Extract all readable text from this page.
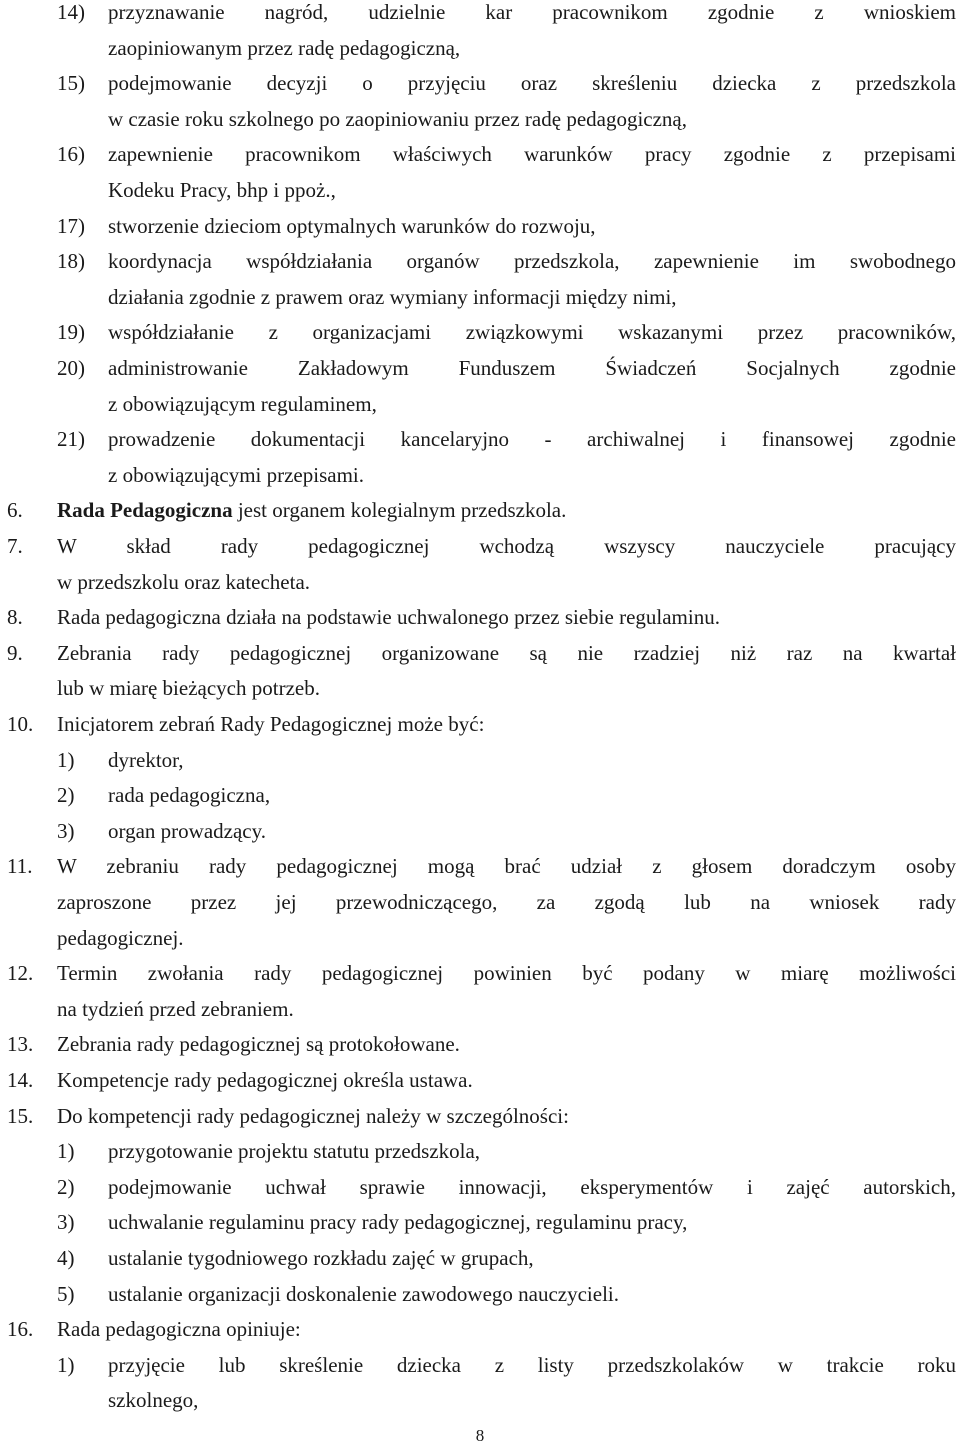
14) przyznawanie nagród, udzielnie kar pracownikom zgodnie z wnioskiem
zaopiniowanym przez radę pedagogiczną,
15) podejmowanie decyzji o przyjęciu oraz skreśleniu dziecka z przedszkola
w czasie roku szkolnego po zaopiniowaniu przez radę pedagogiczną,
16) zapewnienie pracownikom właściwych warunków pracy zgodnie z przepisami
Kodeku Pracy, bhp i ppoż.,
17) stworzenie dzieciom optymalnych warunków do rozwoju,
18) koordynacja współdziałania organów przedszkola, zapewnienie im swobodnego
działania zgodnie z prawem oraz wymiany informacji między nimi,
19) współdziałanie z organizacjami związkowymi wskazanymi przez pracowników,
20) administrowanie Zakładowym Funduszem Świadczeń Socjalnych zgodnie
z obowiązującym regulaminem,
21) prowadzenie dokumentacji kancelaryjno - archiwalnej i finansowej zgodnie
z obowiązującymi przepisami.
6. Rada Pedagogiczna jest organem kolegialnym przedszkola.
7. W skład rady pedagogicznej wchodzą wszyscy nauczyciele pracujący
w przedszkolu oraz katecheta.
8. Rada pedagogiczna działa na podstawie uchwalonego przez siebie regulaminu.
9. Zebrania rady pedagogicznej organizowane są nie rzadziej niż raz na kwartał
lub w miarę bieżących potrzeb.
10. Inicjatorem zebrań Rady Pedagogicznej może być:
1) dyrektor,
2) rada pedagogiczna,
3) organ prowadzący.
11. W zebraniu rady pedagogicznej mogą brać udział z głosem doradczym osoby
zaproszone przez jej przewodniczącego, za zgodą lub na wniosek rady
pedagogicznej.
12. Termin zwołania rady pedagogicznej powinien być podany w miarę możliwości
na tydzień przed zebraniem.
13. Zebrania rady pedagogicznej są protokołowane.
14. Kompetencje rady pedagogicznej określa ustawa.
15. Do kompetencji rady pedagogicznej należy w szczególności:
1) przygotowanie projektu statutu przedszkola,
2) podejmowanie uchwał sprawie innowacji, eksperymentów i zajęć autorskich,
3) uchwalanie regulaminu pracy rady pedagogicznej, regulaminu pracy,
4) ustalanie tygodniowego rozkładu zajęć w grupach,
5) ustalanie organizacji doskonalenie zawodowego nauczycieli.
16. Rada pedagogiczna opiniuje:
1) przyjęcie lub skreślenie dziecka z listy przedszkolaków w trakcie roku
szkolnego,
8
